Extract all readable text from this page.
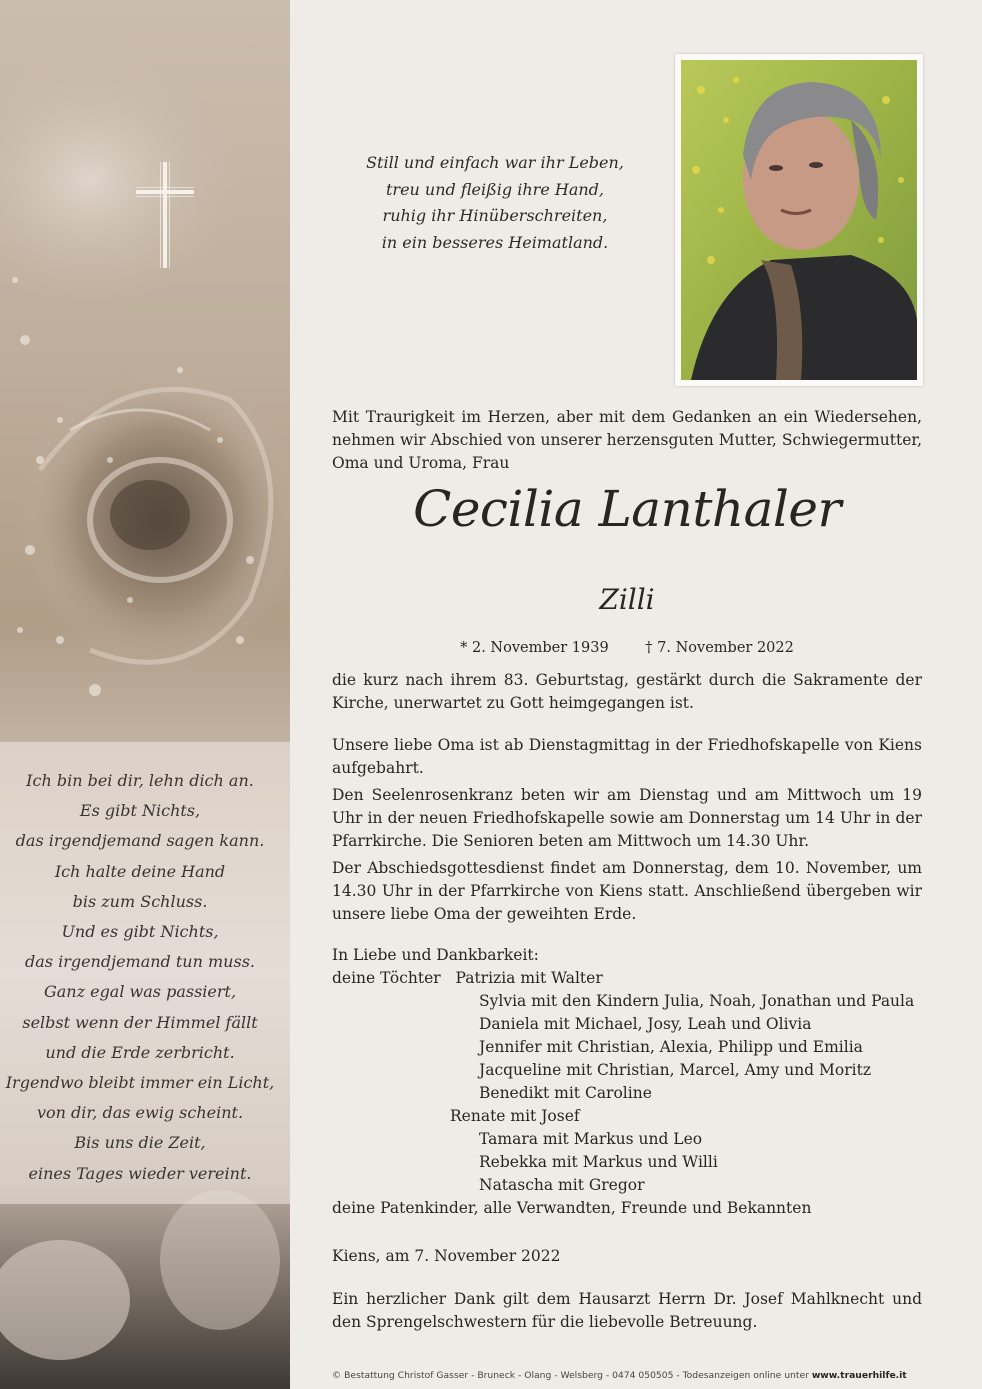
Ich bin bei dir, lehn dich an.
Es gibt Nichts,
das irgendjemand sagen kann.
Ich halte deine Hand
bis zum Schluss.
Und es gibt Nichts,
das irgendjemand tun muss.
Ganz egal was passiert,
selbst wenn der Himmel fällt
und die Erde zerbricht.
Irgendwo bleibt immer ein Licht,
von dir, das ewig scheint.
Bis uns die Zeit,
eines Tages wieder vereint.
Still und einfach war ihr Leben,
treu und fleißig ihre Hand,
ruhig ihr Hinüberschreiten,
in ein besseres Heimatland.
Mit Traurigkeit im Herzen, aber mit dem Gedanken an ein Wiedersehen, nehmen wir Abschied von unserer herzensguten Mutter, Schwiegermutter, Oma und Uroma, Frau
Cecilia Lanthaler
Zilli
* 2. November 1939	† 7. November 2022
die kurz nach ihrem 83. Geburtstag, gestärkt durch die Sakramente der Kirche, unerwartet zu Gott heimgegangen ist.
Unsere liebe Oma ist ab Dienstagmittag in der Friedhofskapelle von Kiens aufgebahrt.
Den Seelenrosenkranz beten wir am Dienstag und am Mittwoch um 19 Uhr in der neuen Friedhofskapelle sowie am Donnerstag um 14 Uhr in der Pfarrkirche. Die Senioren beten am Mittwoch um 14.30 Uhr.
Der Abschiedsgottesdienst findet am Donnerstag, dem 10. November, um 14.30 Uhr in der Pfarrkirche von Kiens statt. Anschließend übergeben wir unsere liebe Oma der geweihten Erde.
In Liebe und Dankbarkeit:
deine Töchter Patrizia mit Walter
Sylvia mit den Kindern Julia, Noah, Jonathan und Paula
Daniela mit Michael, Josy, Leah und Olivia
Jennifer mit Christian, Alexia, Philipp und Emilia
Jacqueline mit Christian, Marcel, Amy und Moritz
Benedikt mit Caroline
Renate mit Josef
Tamara mit Markus und Leo
Rebekka mit Markus und Willi
Natascha mit Gregor
deine Patenkinder, alle Verwandten, Freunde und Bekannten
Kiens, am 7. November 2022
Ein herzlicher Dank gilt dem Hausarzt Herrn Dr. Josef Mahlknecht und den Sprengelschwestern für die liebevolle Betreuung.
© Bestattung Christof Gasser - Bruneck - Olang - Welsberg - 0474 050505 - Todesanzeigen online unter www.trauerhilfe.it
